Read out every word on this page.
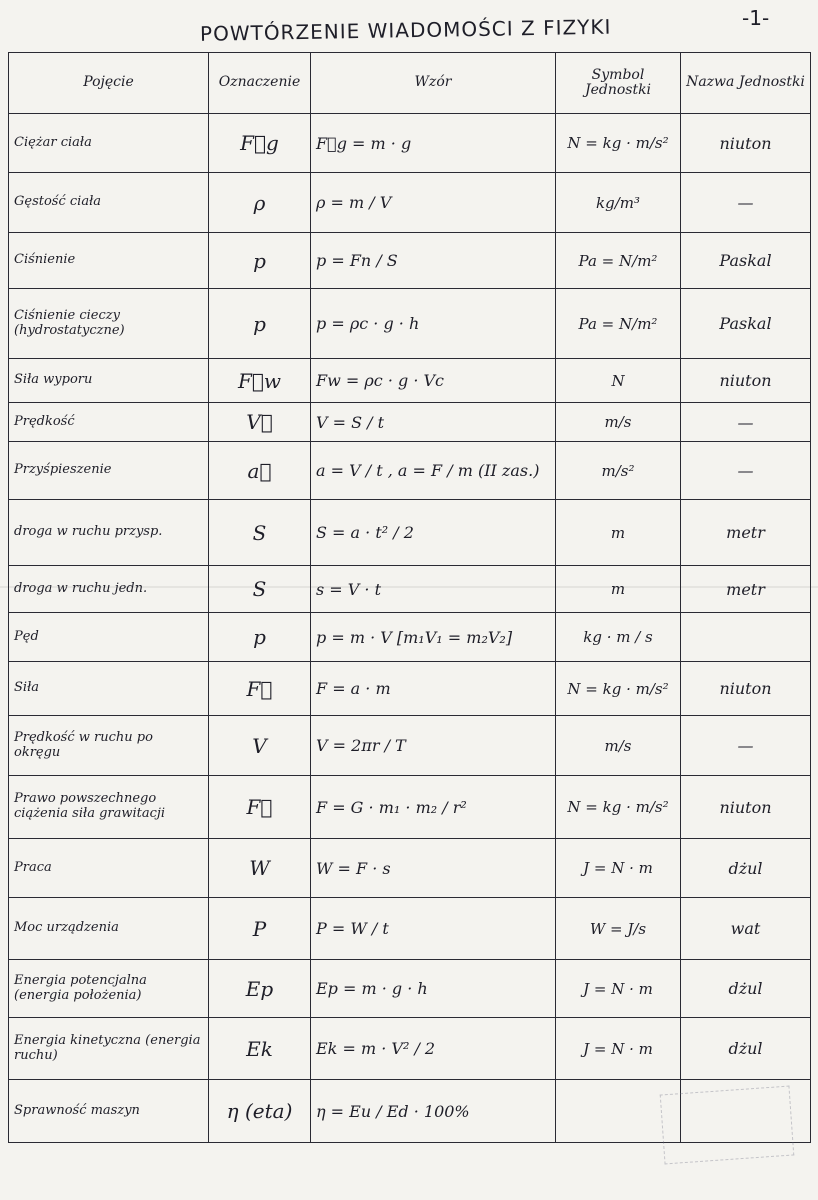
POWTÓRZENIE WIADOMOŚCI Z FIZYKI	-1-
Pojęcie	Oznaczenie	Wzór	Symbol Jednostki	Nazwa Jednostki
Ciężar ciała	F⃗g	F⃗g = m · g	N = kg · m/s²	niuton
Gęstość ciała	ρ	ρ = m / V	kg/m³	—
Ciśnienie	p	p = Fn / S	Pa = N/m²	Paskal
Ciśnienie cieczy (hydrostatyczne)	p	p = ρc · g · h	Pa = N/m²	Paskal
Siła wyporu	F⃗w	Fw = ρc · g · Vc	N	niuton
Prędkość	V⃗	V = S / t	m/s	—
Przyśpieszenie	a⃗	a = V / t , a = F / m (II zas.)	m/s²	—
droga w ruchu przysp.	S	S = a · t² / 2	m	metr
droga w ruchu jedn.	S	s = V · t	m	metr
Pęd	p	p = m · V [m₁V₁ = m₂V₂]	kg · m / s	
Siła	F⃗	F = a · m	N = kg · m/s²	niuton
Prędkość w ruchu po okręgu	V	V = 2πr / T	m/s	—
Prawo powszechnego ciążenia siła grawitacji	F⃗	F = G · m₁ · m₂ / r²	N = kg · m/s²	niuton
Praca	W	W = F · s	J = N · m	dżul
Moc urządzenia	P	P = W / t	W = J/s	wat
Energia potencjalna (energia położenia)	Ep	Ep = m · g · h	J = N · m	dżul
Energia kinetyczna (energia ruchu)	Ek	Ek = m · V² / 2	J = N · m	dżul
Sprawność maszyn	η (eta)	η = Eu / Ed · 100%		
